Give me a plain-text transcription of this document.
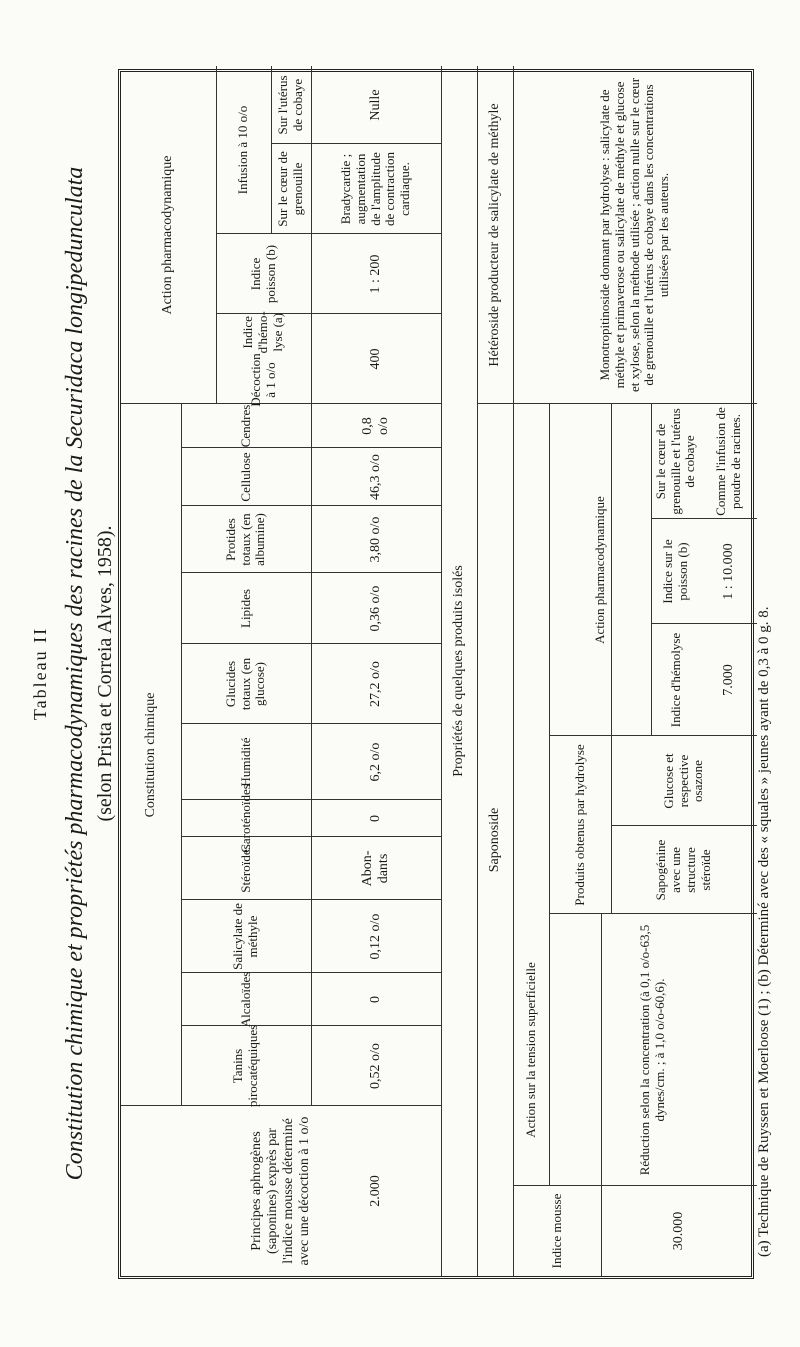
Tableau II Constitution chimique et propriétés pharmacodynamiques des racines de la Securidaca longipedunculata (selon Prista et Correia Alves, 1958).
Principes aphrogènes (saponines) exprès par l'indice mousse déterminé avec une décoction à 1 o/o
Constitution chimique
Action pharmacodynamique
Tanins pirocatéquiques
Alcaloïdes
Salicylate de méthyle
Stéroïdes
Caroténoïdes
Humidité
Glucides totaux (en glucose)
Lipides
Protides totaux (en albumine)
Cellulose
Cendres
Décoction à 1 o/o

Indice d'hémo-lyse (a)
Indice poisson (b)
Infusion à 10 o/o	Sur le cœur de grenouille
Sur l'utérus de cobaye
2.000
0,52 o/o
0
0,12 o/o
Abon-dants
0
6,2 o/o
27,2 o/o
0,36 o/o
3,80 o/o
46,3 o/o
0,8 o/o
400
1 : 200
Bradycardie ; augmentation de l'amplitude de contraction cardiaque.
Nulle
Propriétés de quelques produits isolés
Saponoside
Hétéroside producteur de salicylate de méthyle
Indice mousse
Action sur la tension superficielle
Produits obtenus par hydrolyse
Action pharmacodynamique
Sapogénine avec une structure stéroïde
Glucose et respective osazone
Indice d'hémolyse
Indice sur le poisson (b)
Sur le cœur de grenouille et l'utérus de cobaye
30.000
Réduction selon la concentration (à 0,1 o/o-63,5 dynes/cm. ; à 1,0 o/o-60,6).
7.000
1 : 10.000
Comme l'infusion de poudre de racines.
Monotropitinoside donnant par hydrolyse : salicylate de méthyle et primaverose ou salicylate de méthyle et glucose et xylose, selon la méthode utilisée ; action nulle sur le cœur de grenouille et l'utérus de cobaye dans les concentrations utilisées par les auteurs.
(a) Technique de Ruyssen et Moerloose (1) ; (b) Déterminé avec des « squales » jeunes ayant de 0,3 à 0 g. 8.
